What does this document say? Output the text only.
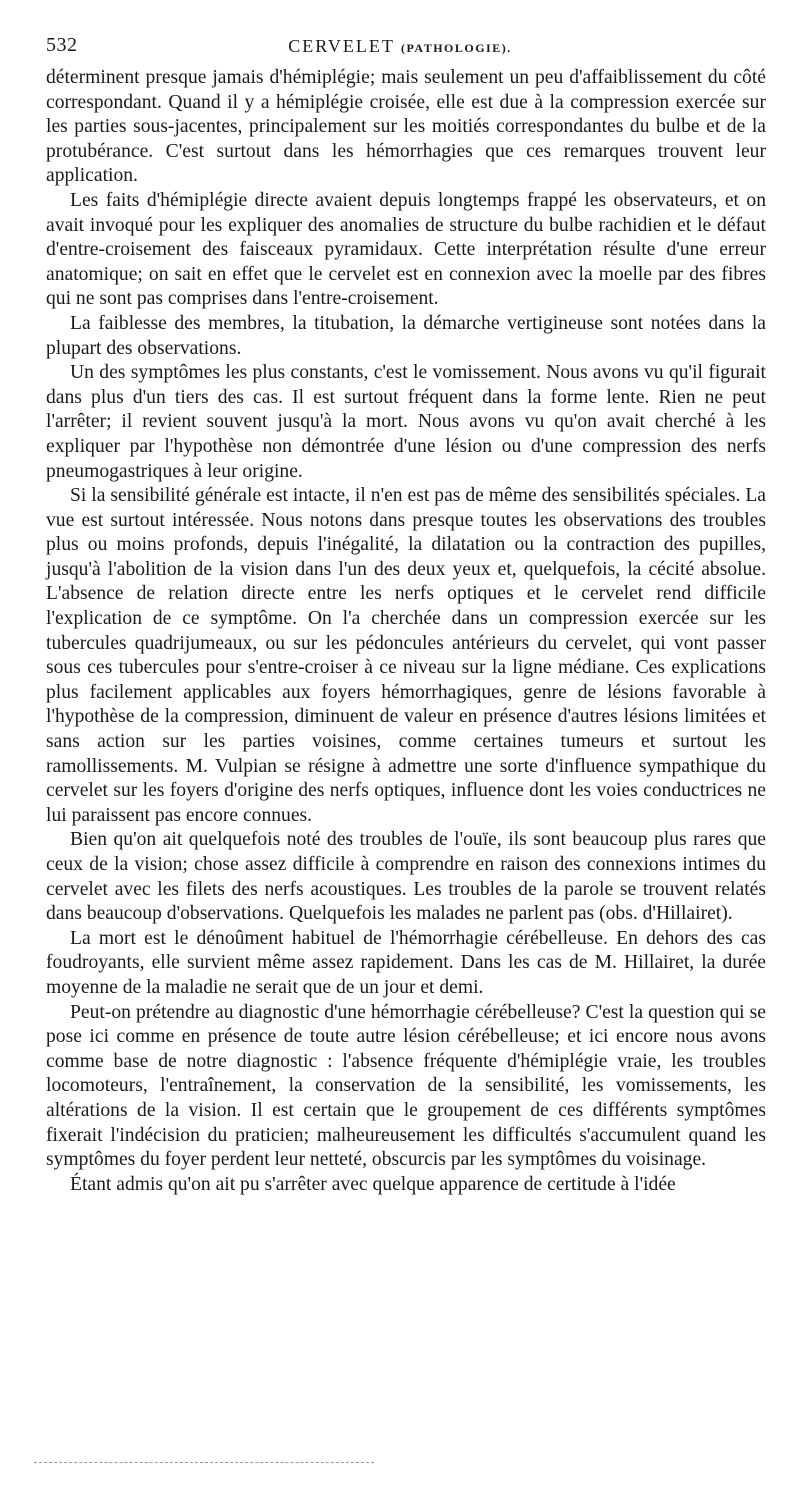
532	CERVELET (PATHOLOGIE).

déterminent presque jamais d'hémiplégie; mais seulement un peu d'affaiblissement du côté correspondant. Quand il y a hémiplégie croisée, elle est due à la compression exercée sur les parties sous-jacentes, principalement sur les moitiés correspondantes du bulbe et de la protubérance. C'est surtout dans les hémorrhagies que ces remarques trouvent leur application.

Les faits d'hémiplégie directe avaient depuis longtemps frappé les observateurs, et on avait invoqué pour les expliquer des anomalies de structure du bulbe rachidien et le défaut d'entre-croisement des faisceaux pyramidaux. Cette interprétation résulte d'une erreur anatomique; on sait en effet que le cervelet est en connexion avec la moelle par des fibres qui ne sont pas comprises dans l'entre-croisement.

La faiblesse des membres, la titubation, la démarche vertigineuse sont notées dans la plupart des observations.

Un des symptômes les plus constants, c'est le vomissement. Nous avons vu qu'il figurait dans plus d'un tiers des cas. Il est surtout fréquent dans la forme lente. Rien ne peut l'arrêter; il revient souvent jusqu'à la mort. Nous avons vu qu'on avait cherché à les expliquer par l'hypothèse non démontrée d'une lésion ou d'une compression des nerfs pneumogastriques à leur origine.

Si la sensibilité générale est intacte, il n'en est pas de même des sensibilités spéciales. La vue est surtout intéressée. Nous notons dans presque toutes les observations des troubles plus ou moins profonds, depuis l'inégalité, la dilatation ou la contraction des pupilles, jusqu'à l'abolition de la vision dans l'un des deux yeux et, quelquefois, la cécité absolue. L'absence de relation directe entre les nerfs optiques et le cervelet rend difficile l'explication de ce symptôme. On l'a cherchée dans un compression exercée sur les tubercules quadrijumeaux, ou sur les pédoncules antérieurs du cervelet, qui vont passer sous ces tubercules pour s'entre-croiser à ce niveau sur la ligne médiane. Ces explications plus facilement applicables aux foyers hémorrhagiques, genre de lésions favorable à l'hypothèse de la compression, diminuent de valeur en présence d'autres lésions limitées et sans action sur les parties voisines, comme certaines tumeurs et surtout les ramollissements. M. Vulpian se résigne à admettre une sorte d'influence sympathique du cervelet sur les foyers d'origine des nerfs optiques, influence dont les voies conductrices ne lui paraissent pas encore connues.

Bien qu'on ait quelquefois noté des troubles de l'ouïe, ils sont beaucoup plus rares que ceux de la vision; chose assez difficile à comprendre en raison des connexions intimes du cervelet avec les filets des nerfs acoustiques. Les troubles de la parole se trouvent relatés dans beaucoup d'observations. Quelquefois les malades ne parlent pas (obs. d'Hillairet).

La mort est le dénoûment habituel de l'hémorrhagie cérébelleuse. En dehors des cas foudroyants, elle survient même assez rapidement. Dans les cas de M. Hillairet, la durée moyenne de la maladie ne serait que de un jour et demi.

Peut-on prétendre au diagnostic d'une hémorrhagie cérébelleuse? C'est la question qui se pose ici comme en présence de toute autre lésion cérébelleuse; et ici encore nous avons comme base de notre diagnostic : l'absence fréquente d'hémiplégie vraie, les troubles locomoteurs, l'entraînement, la conservation de la sensibilité, les vomissements, les altérations de la vision. Il est certain que le groupement de ces différents symptômes fixerait l'indécision du praticien; malheureusement les difficultés s'accumulent quand les symptômes du foyer perdent leur netteté, obscurcis par les symptômes du voisinage.

Étant admis qu'on ait pu s'arrêter avec quelque apparence de certitude à l'idée
